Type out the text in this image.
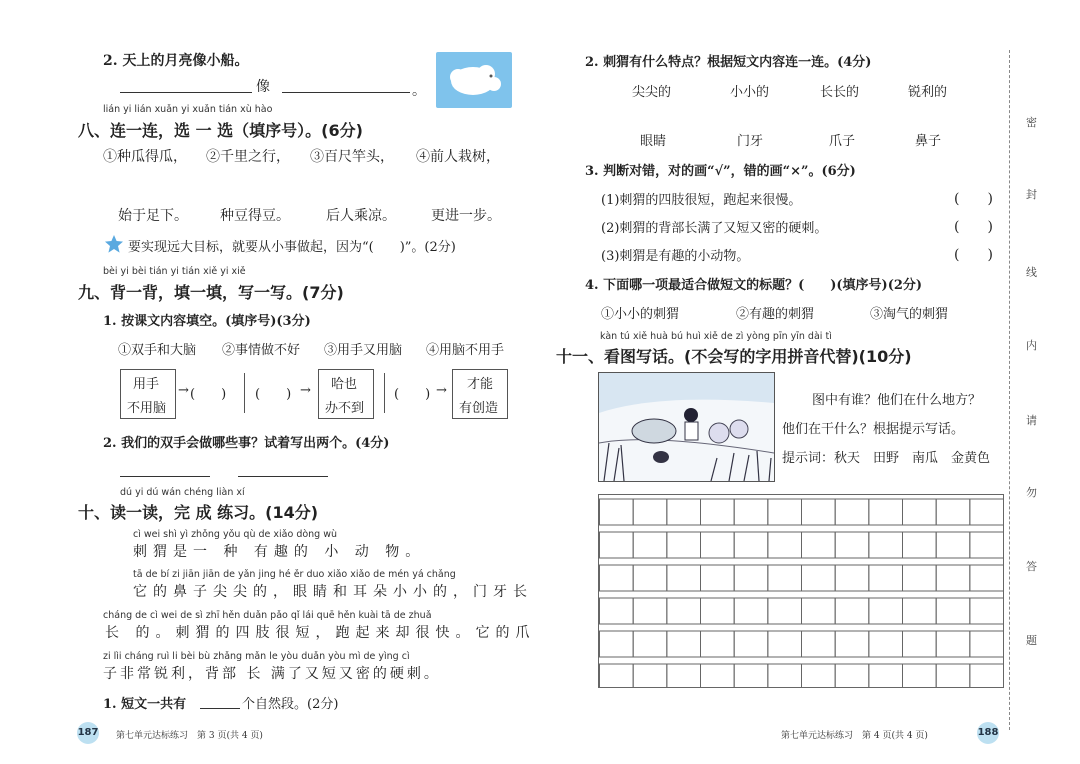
2. 天上的月亮像小船。
像	。
lián yi lián xuǎn yi xuǎn tián xù hào
八、连一连，选 一 选（填序号）。(6分)
①种瓜得瓜， ②千里之行， ③百尺竿头， ④前人栽树，
始于足下。 种豆得豆。	后人乘凉。	更进一步。
要实现远大目标，就要从小事做起，因为“(　　)”。(2分)
bèi yi bèi tián yi tián xiě yi xiě
九、背一背，填一填，写一写。(7分)
1. 按课文内容填空。(填序号)(3分)
①双手和大脑 ②事情做不好 ③用手又用脑 ④用脑不用手
用手
不用脑
→ (　　) (　　) → 哈也
办不到
(　　) → 才能
有创造
2. 我们的双手会做哪些事？试着写出两个。(4分)
dú yi dú wán chéng liàn xí
十、读一读，完 成 练习。(14分)
cì wei shì yì zhǒng yǒu qù de xiǎo dòng wù
刺猬是一 种 有趣的 小 动 物。
tā de bí zi jiān jiān de yǎn jing hé ěr duo xiǎo xiǎo de mén yá chǎng
它的鼻子尖尖的，眼睛和耳朵小小的，门牙长
cháng de cì wei de sì zhī hěn duǎn pǎo qǐ lái quē hěn kuài tā de zhuǎ
长 的。刺猬的四肢很短，跑起来却很快。它的爪
zi lìi cháng ruì li bèi bù zhǎng mǎn le yòu duǎn yòu mì de yìng cì
子非常锐利，背部 长 满了又短又密的硬刺。
1. 短文一共有	个自然段。(2分)
187 第七单元达标练习　第 3 页(共 4 页)
2. 刺猬有什么特点？根据短文内容连一连。(4分)
尖尖的	小小的	长长的	锐利的
眼睛	门牙	爪子	鼻子
3. 判断对错，对的画“√”，错的画“×”。(6分)
(1)刺猬的四肢很短，跑起来很慢。	(　　)
(2)刺猬的背部长满了又短又密的硬刺。	(　　)
(3)刺猬是有趣的小动物。	(　　)
4. 下面哪一项最适合做短文的标题？(　　)(填序号)(2分)
①小小的刺猬	②有趣的刺猬	③淘气的刺猬
kàn tú xiě huà bú huì xiě de zì yòng pīn yīn dài tì
十一、看图写话。(不会写的字用拼音代替)(10分)
图中有谁？他们在什么地方？
他们在干什么？根据提示写话。
提示词：秋天　田野　南瓜　金黄色
第七单元达标练习　第 4 页(共 4 页)	188
密
封
线
内
请
勿
答
题
